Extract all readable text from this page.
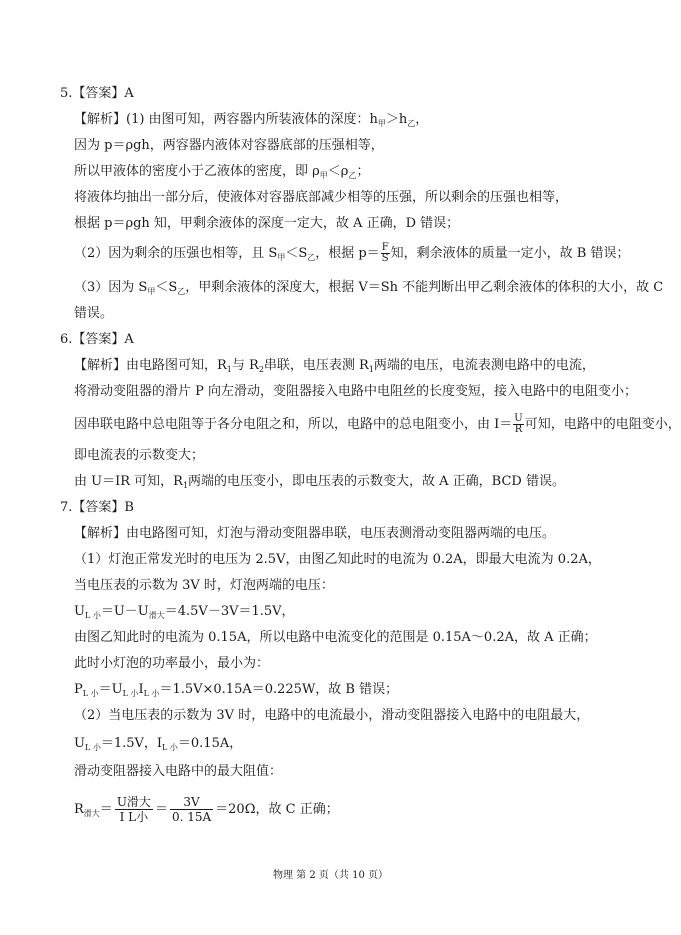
5.【答案】A
【解析】(1) 由图可知，两容器内所装液体的深度：$h_甲>h_乙$，
因为 p＝ρgh，两容器内液体对容器底部的压强相等，
所以甲液体的密度小于乙液体的密度，即 $\rho_甲<\rho_乙$；
将液体均抽出一部分后，使液体对容器底部减少相等的压强，所以剩余的压强也相等，
根据 p＝ρgh 知，甲剩余液体的深度一定大，故 A 正确，D 错误；
（2）因为剩余的压强也相等，且 $S_甲<S_乙$，根据 $p= \frac{F}{S}$ 知，剩余液体的质量一定小，故 B 错误；
（3）因为 $S_甲<S_乙$，甲剩余液体的深度大，根据 V＝Sh 不能判断出甲乙剩余液体的体积的大小，故 C
错误。
6.【答案】A
【解析】由电路图可知，$R_1$与 $R_2$串联，电压表测 $R_1$两端的电压，电流表测电路中的电流，
将滑动变阻器的滑片 P 向左滑动，变阻器接入电路中电阻丝的长度变短，接入电路中的电阻变小；
因串联电路中总电阻等于各分电阻之和，所以，电路中的总电阻变小，由 $I= \frac{U}{R}$ 可知，电路中的电阻变小，
即电流表的示数变大；
由 U＝IR 可知，$R_1$两端的电压变小，即电压表的示数变大，故 A 正确，BCD 错误。
7.【答案】B
【解析】由电路图可知，灯泡与滑动变阻器串联，电压表测滑动变阻器两端的电压。
（1）灯泡正常发光时的电压为 2.5V，由图乙知此时的电流为 0.2A，即最大电流为 0.2A，
当电压表的示数为 3V 时，灯泡两端的电压：
$U_{L 小}=U-U_{滑大}=4.5V-3V=1.5V$，
由图乙知此时的电流为 0.15A，所以电路中电流变化的范围是 0.15A～0.2A，故 A 正确；
此时小灯泡的功率最小，最小为：
$P_{L 小}=U_{L 小}I_{L 小}=1.5V\times 0.15A=0.225W$，故 B 错误；
（2）当电压表的示数为 3V 时，电路中的电流最小，滑动变阻器接入电路中的电阻最大，
$U_{L 小}=1.5V$，$I_{L 小}=0.15A$，
滑动变阻器接入电路中的最大阻值：
$R_{滑大}= \frac{\text{U滑大}}{\text{I L小}} = \frac{3V}{0. 15A} =20\Omega$，故 C 正确；
物理 第 2 页（共 10 页）
